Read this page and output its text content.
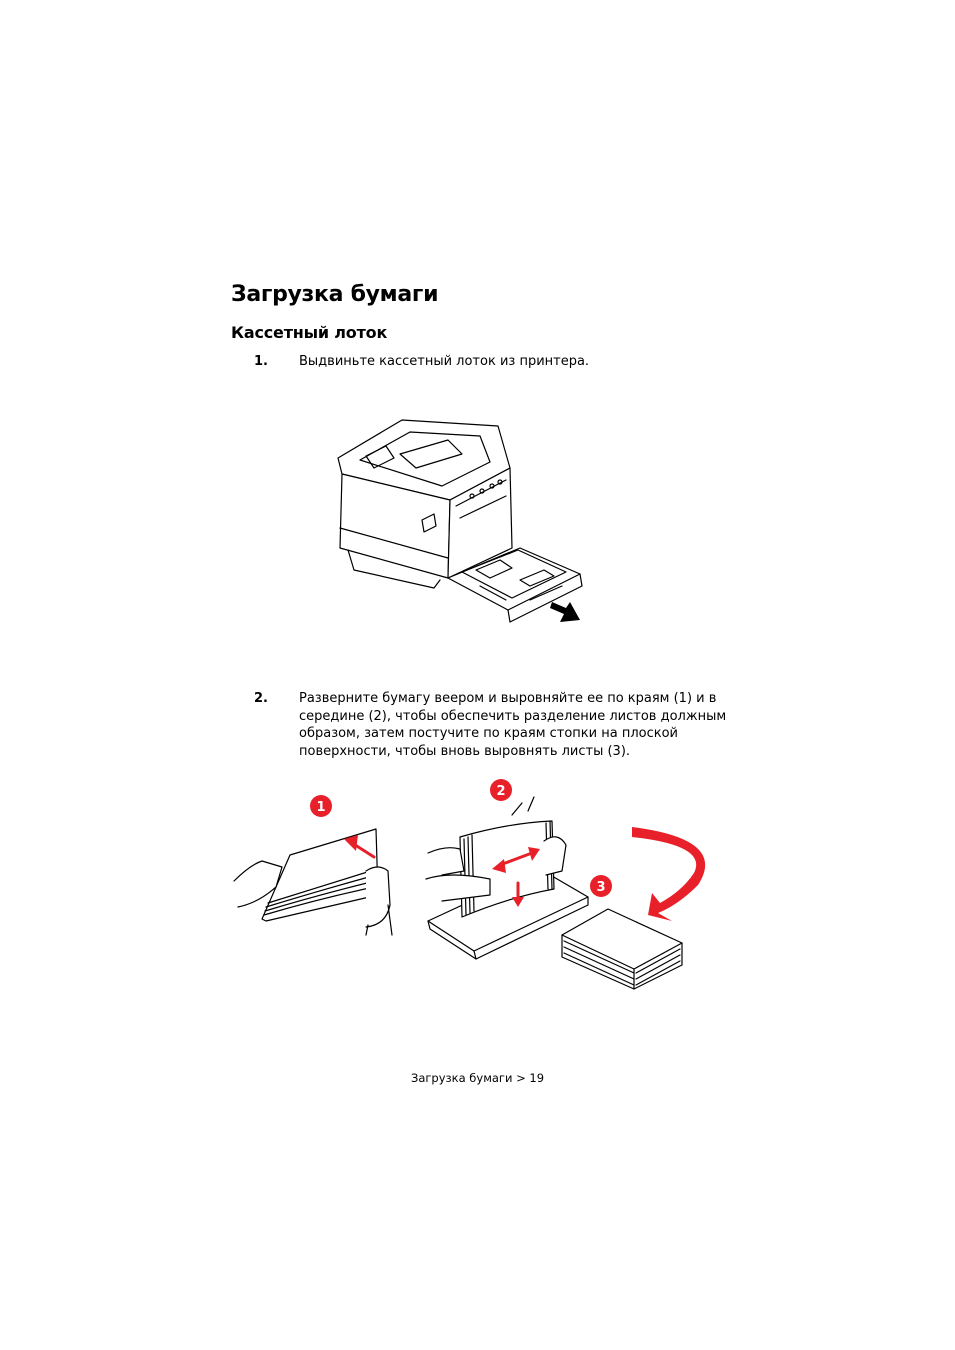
Загрузка бумаги
Кассетный лоток
1. Выдвиньте кассетный лоток из принтера.
2. Разверните бумагу веером и выровняйте ее по краям (1) и в середине (2), чтобы обеспечить разделение листов должным образом, затем постучите по краям стопки на плоской поверхности, чтобы вновь выровнять листы (3).
1
2
3
Загрузка бумаги > 19
